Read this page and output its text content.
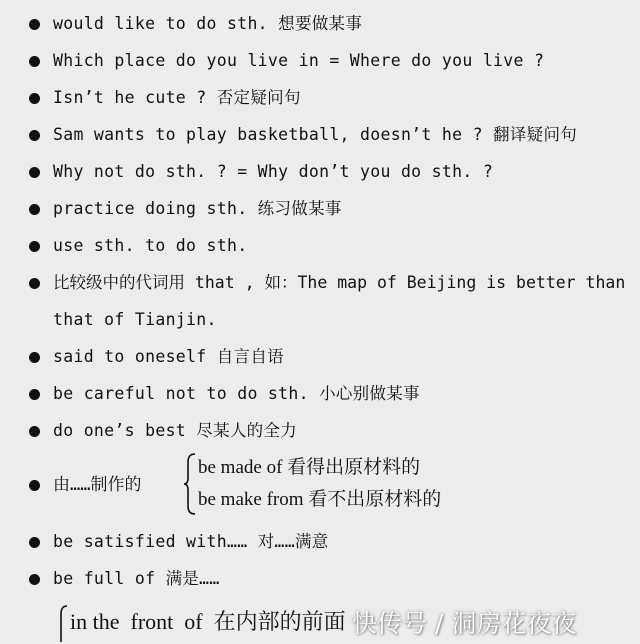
would like to do sth. 想要做某事
Which place do you live in = Where do you live ?
Isn’t he cute ? 否定疑问句
Sam wants to play basketball, doesn’t he ? 翻译疑问句
Why not do sth. ? = Why don’t you do sth. ?
practice doing sth. 练习做某事
use sth. to do sth.
比较级中的代词用 that , 如：The map of Beijing is better than
that of Tianjin.
said to oneself 自言自语
be careful not to do sth. 小心别做某事
do one’s best 尽某人的全力
由……制作的
be made of 看得出原材料的
be make from 看不出原材料的
be satisfied with…… 对……满意
be full of 满是……
in the  front  of  在内部的前面 快传号 / 洞房花夜夜
